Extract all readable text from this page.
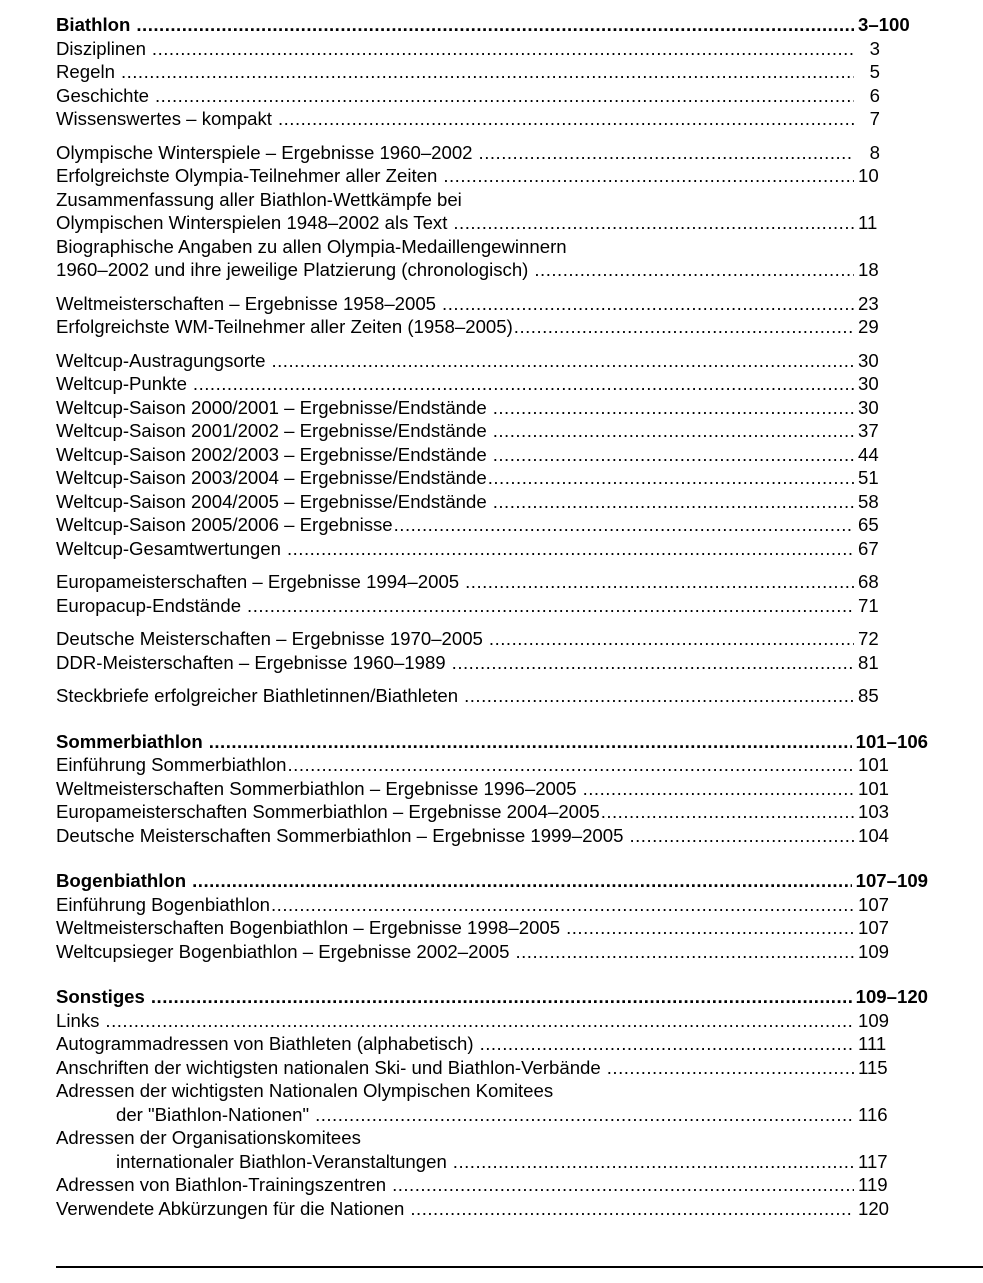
Biathlon .....	3–100
Disziplinen .....	3
Regeln .....	5
Geschichte .....	6
Wissenswertes – kompakt .....	7
Olympische Winterspiele – Ergebnisse 1960–2002 .....	8
Erfolgreichste Olympia-Teilnehmer aller Zeiten .....	10
Zusammenfassung aller Biathlon-Wettkämpfe bei
Olympischen Winterspielen 1948–2002 als Text .....	11
Biographische Angaben zu allen Olympia-Medaillengewinnern
1960–2002 und ihre jeweilige Platzierung (chronologisch) .....	18
Weltmeisterschaften – Ergebnisse 1958–2005 .....	23
Erfolgreichste WM-Teilnehmer aller Zeiten (1958–2005) .....	29
Weltcup-Austragungsorte .....	30
Weltcup-Punkte .....	30
Weltcup-Saison 2000/2001 – Ergebnisse/Endstände .....	30
Weltcup-Saison 2001/2002 – Ergebnisse/Endstände .....	37
Weltcup-Saison 2002/2003 – Ergebnisse/Endstände .....	44
Weltcup-Saison 2003/2004 – Ergebnisse/Endstände .....	51
Weltcup-Saison 2004/2005 – Ergebnisse/Endstände .....	58
Weltcup-Saison 2005/2006 – Ergebnisse .....	65
Weltcup-Gesamtwertungen .....	67
Europameisterschaften – Ergebnisse 1994–2005 .....	68
Europacup-Endstände .....	71
Deutsche Meisterschaften – Ergebnisse 1970–2005 .....	72
DDR-Meisterschaften – Ergebnisse 1960–1989 .....	81
Steckbriefe erfolgreicher Biathletinnen/Biathleten .....	85
Sommerbiathlon .....	101–106
Einführung Sommerbiathlon .....	101
Weltmeisterschaften Sommerbiathlon – Ergebnisse 1996–2005 .....	101
Europameisterschaften Sommerbiathlon – Ergebnisse 2004–2005 .....	103
Deutsche Meisterschaften Sommerbiathlon – Ergebnisse 1999–2005 .....	104
Bogenbiathlon .....	107–109
Einführung Bogenbiathlon .....	107
Weltmeisterschaften Bogenbiathlon – Ergebnisse 1998–2005 .....	107
Weltcupsieger Bogenbiathlon – Ergebnisse 2002–2005 .....	109
Sonstiges .....	109–120
Links .....	109
Autogrammadressen von Biathleten (alphabetisch) .....	111
Anschriften der wichtigsten nationalen Ski- und Biathlon-Verbände .....	115
Adressen der wichtigsten Nationalen Olympischen Komitees
der "Biathlon-Nationen" .....	116
Adressen der Organisationskomitees
internationaler Biathlon-Veranstaltungen .....	117
Adressen von Biathlon-Trainingszentren .....	119
Verwendete Abkürzungen für die Nationen .....	120
